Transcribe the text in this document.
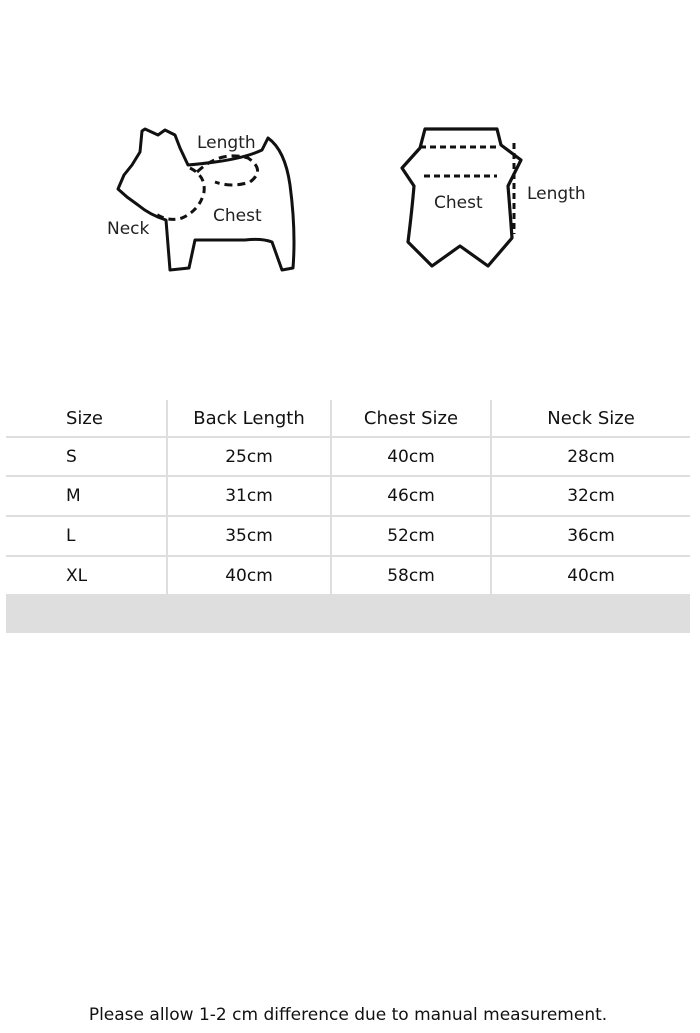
Length
Neck
Chest
Chest	Length
Size	Back Length	Chest Size	Neck Size
S	25cm	40cm	28cm
M	31cm	46cm	32cm
L	35cm	52cm	36cm
XL	40cm	58cm	40cm
Please allow 1-2 cm difference due to manual measurement.
